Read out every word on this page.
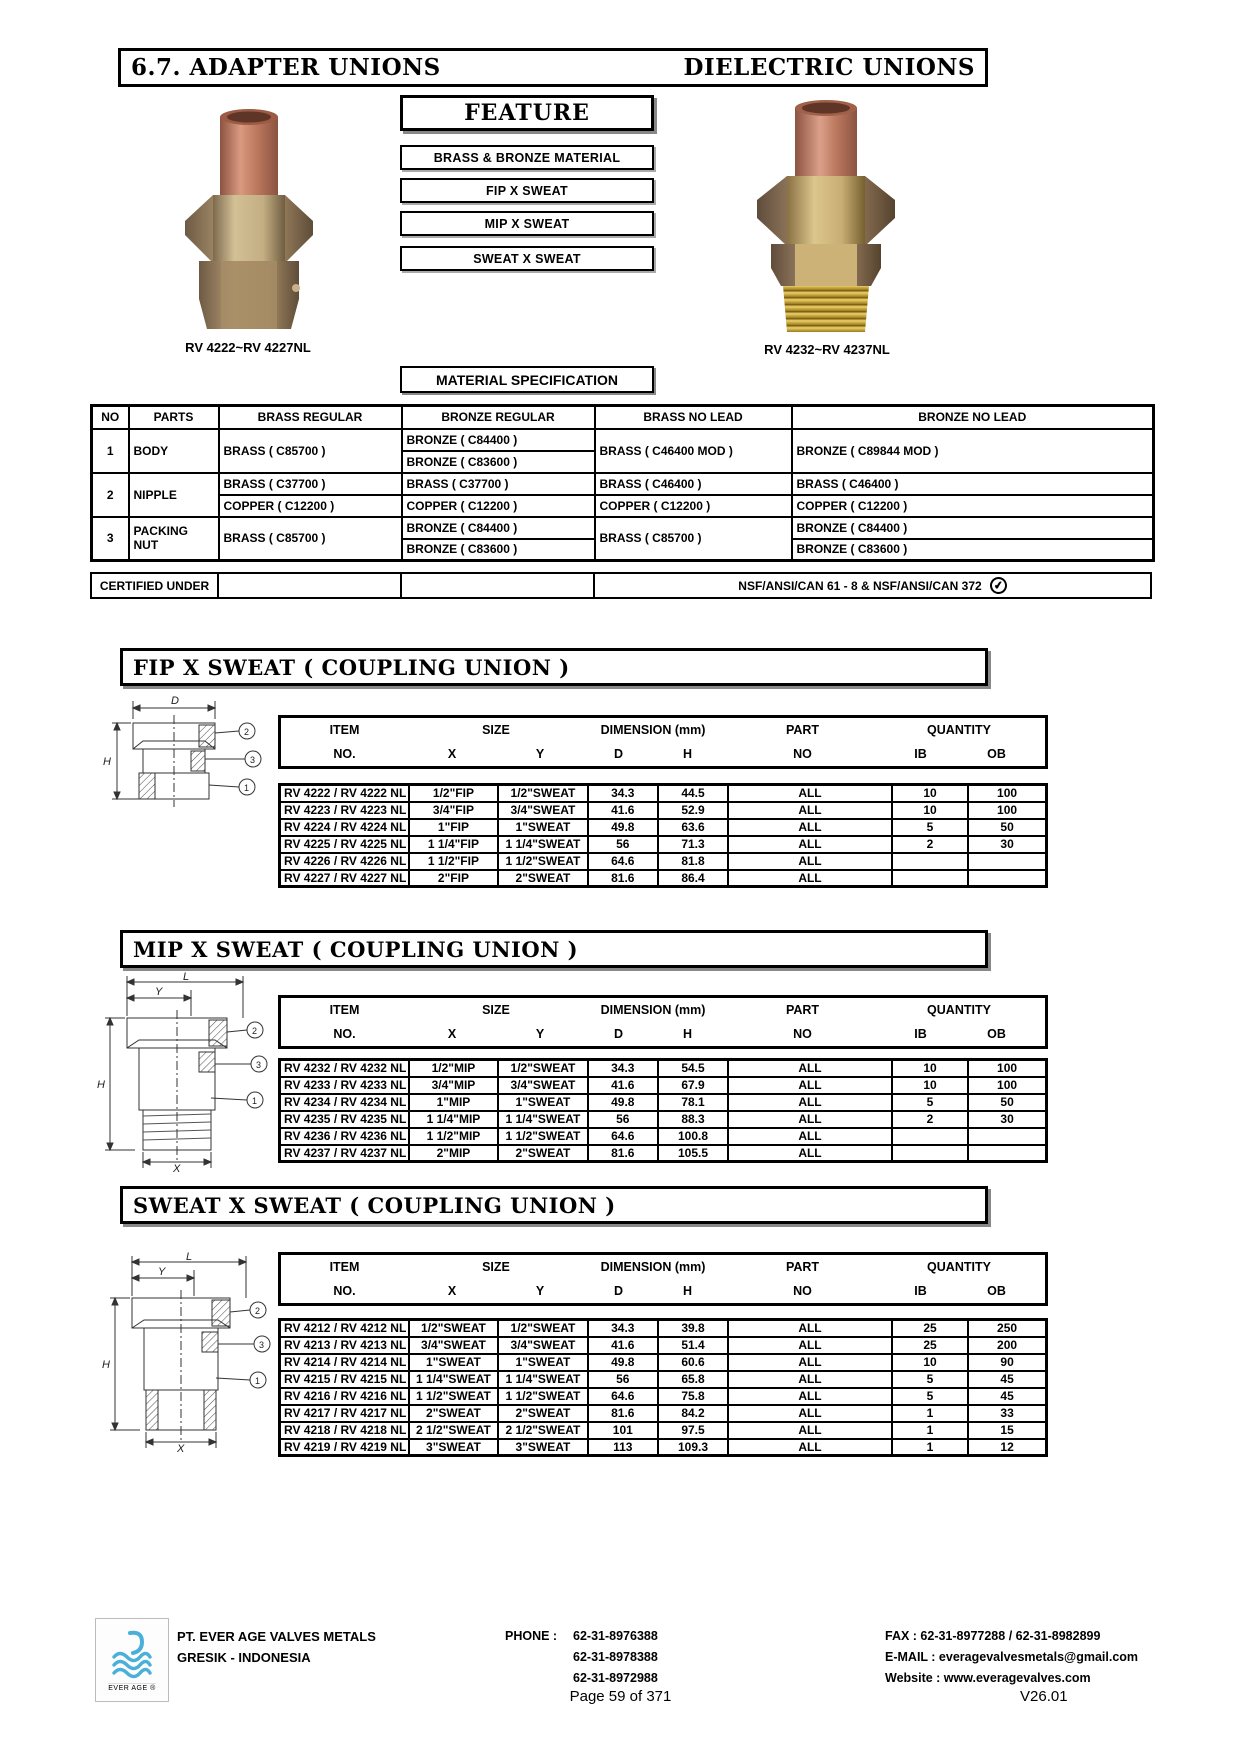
6.7. ADAPTER UNIONS	DIELECTRIC UNIONS
RV 4222~RV 4227NL
FEATURE
BRASS & BRONZE MATERIAL
FIP X SWEAT
MIP X SWEAT
SWEAT X SWEAT
RV 4232~RV 4237NL
MATERIAL SPECIFICATION
NO	PARTS	BRASS REGULAR	BRONZE REGULAR	BRASS NO LEAD	BRONZE NO LEAD
1	BODY	BRASS ( C85700 )	BRONZE ( C84400 )	BRASS ( C46400 MOD )	BRONZE ( C89844 MOD )
			BRONZE ( C83600 )		
2	NIPPLE	BRASS ( C37700 )	BRASS ( C37700 )	BRASS ( C46400 )	BRASS ( C46400 )
		COPPER ( C12200 )	COPPER ( C12200 )	COPPER ( C12200 )	COPPER ( C12200 )
3	PACKING NUT	BRASS ( C85700 )	BRONZE ( C84400 )	BRASS ( C85700 )	BRONZE ( C84400 )
			BRONZE ( C83600 )		BRONZE ( C83600 )
CERTIFIED UNDER	NSF/ANSI/CAN 61 - 8 & NSF/ANSI/CAN 372	✔
FIP X SWEAT ( COUPLING UNION )
D
H
2
3
1
ITEM	SIZE	DIMENSION (mm)	PART	QUANTITY
NO.	X	Y	D	H	NO	IB	OB
RV 4222 / RV 4222 NL	1/2"FIP	1/2"SWEAT	34.3	44.5	ALL	10	100
RV 4223 / RV 4223 NL	3/4"FIP	3/4"SWEAT	41.6	52.9	ALL	10	100
RV 4224 / RV 4224 NL	1"FIP	1"SWEAT	49.8	63.6	ALL	5	50
RV 4225 / RV 4225 NL	1 1/4"FIP	1 1/4"SWEAT	56	71.3	ALL	2	30
RV 4226 / RV 4226 NL	1 1/2"FIP	1 1/2"SWEAT	64.6	81.8	ALL		
RV 4227 / RV 4227 NL	2"FIP	2"SWEAT	81.6	86.4	ALL		
MIP X SWEAT ( COUPLING UNION )
L
Y
H
X
2
3
1
ITEM	SIZE	DIMENSION (mm)	PART	QUANTITY
NO.	X	Y	D	H	NO	IB	OB
RV 4232 / RV 4232 NL	1/2"MIP	1/2"SWEAT	34.3	54.5	ALL	10	100
RV 4233 / RV 4233 NL	3/4"MIP	3/4"SWEAT	41.6	67.9	ALL	10	100
RV 4234 / RV 4234 NL	1"MIP	1"SWEAT	49.8	78.1	ALL	5	50
RV 4235 / RV 4235 NL	1 1/4"MIP	1 1/4"SWEAT	56	88.3	ALL	2	30
RV 4236 / RV 4236 NL	1 1/2"MIP	1 1/2"SWEAT	64.6	100.8	ALL		
RV 4237 / RV 4237 NL	2"MIP	2"SWEAT	81.6	105.5	ALL		
SWEAT X SWEAT ( COUPLING UNION )
L
Y
H
X
2
3
1
ITEM	SIZE	DIMENSION (mm)	PART	QUANTITY
NO.	X	Y	D	H	NO	IB	OB
RV 4212 / RV 4212 NL	1/2"SWEAT	1/2"SWEAT	34.3	39.8	ALL	25	250
RV 4213 / RV 4213 NL	3/4"SWEAT	3/4"SWEAT	41.6	51.4	ALL	25	200
RV 4214 / RV 4214 NL	1"SWEAT	1"SWEAT	49.8	60.6	ALL	10	90
RV 4215 / RV 4215 NL	1 1/4"SWEAT	1 1/4"SWEAT	56	65.8	ALL	5	45
RV 4216 / RV 4216 NL	1 1/2"SWEAT	1 1/2"SWEAT	64.6	75.8	ALL	5	45
RV 4217 / RV 4217 NL	2"SWEAT	2"SWEAT	81.6	84.2	ALL	1	33
RV 4218 / RV 4218 NL	2 1/2"SWEAT	2 1/2"SWEAT	101	97.5	ALL	1	15
RV 4219 / RV 4219 NL	3"SWEAT	3"SWEAT	113	109.3	ALL	1	12
EVER AGE ®
PT. EVER AGE VALVES METALS
GRESIK - INDONESIA
PHONE :	62-31-8976388
62-31-8978388
62-31-8972988
FAX : 62-31-8977288 / 62-31-8982899
E-MAIL : everagevalvesmetals@gmail.com
Website : www.everagevalves.com
Page 59 of 371	V26.01
